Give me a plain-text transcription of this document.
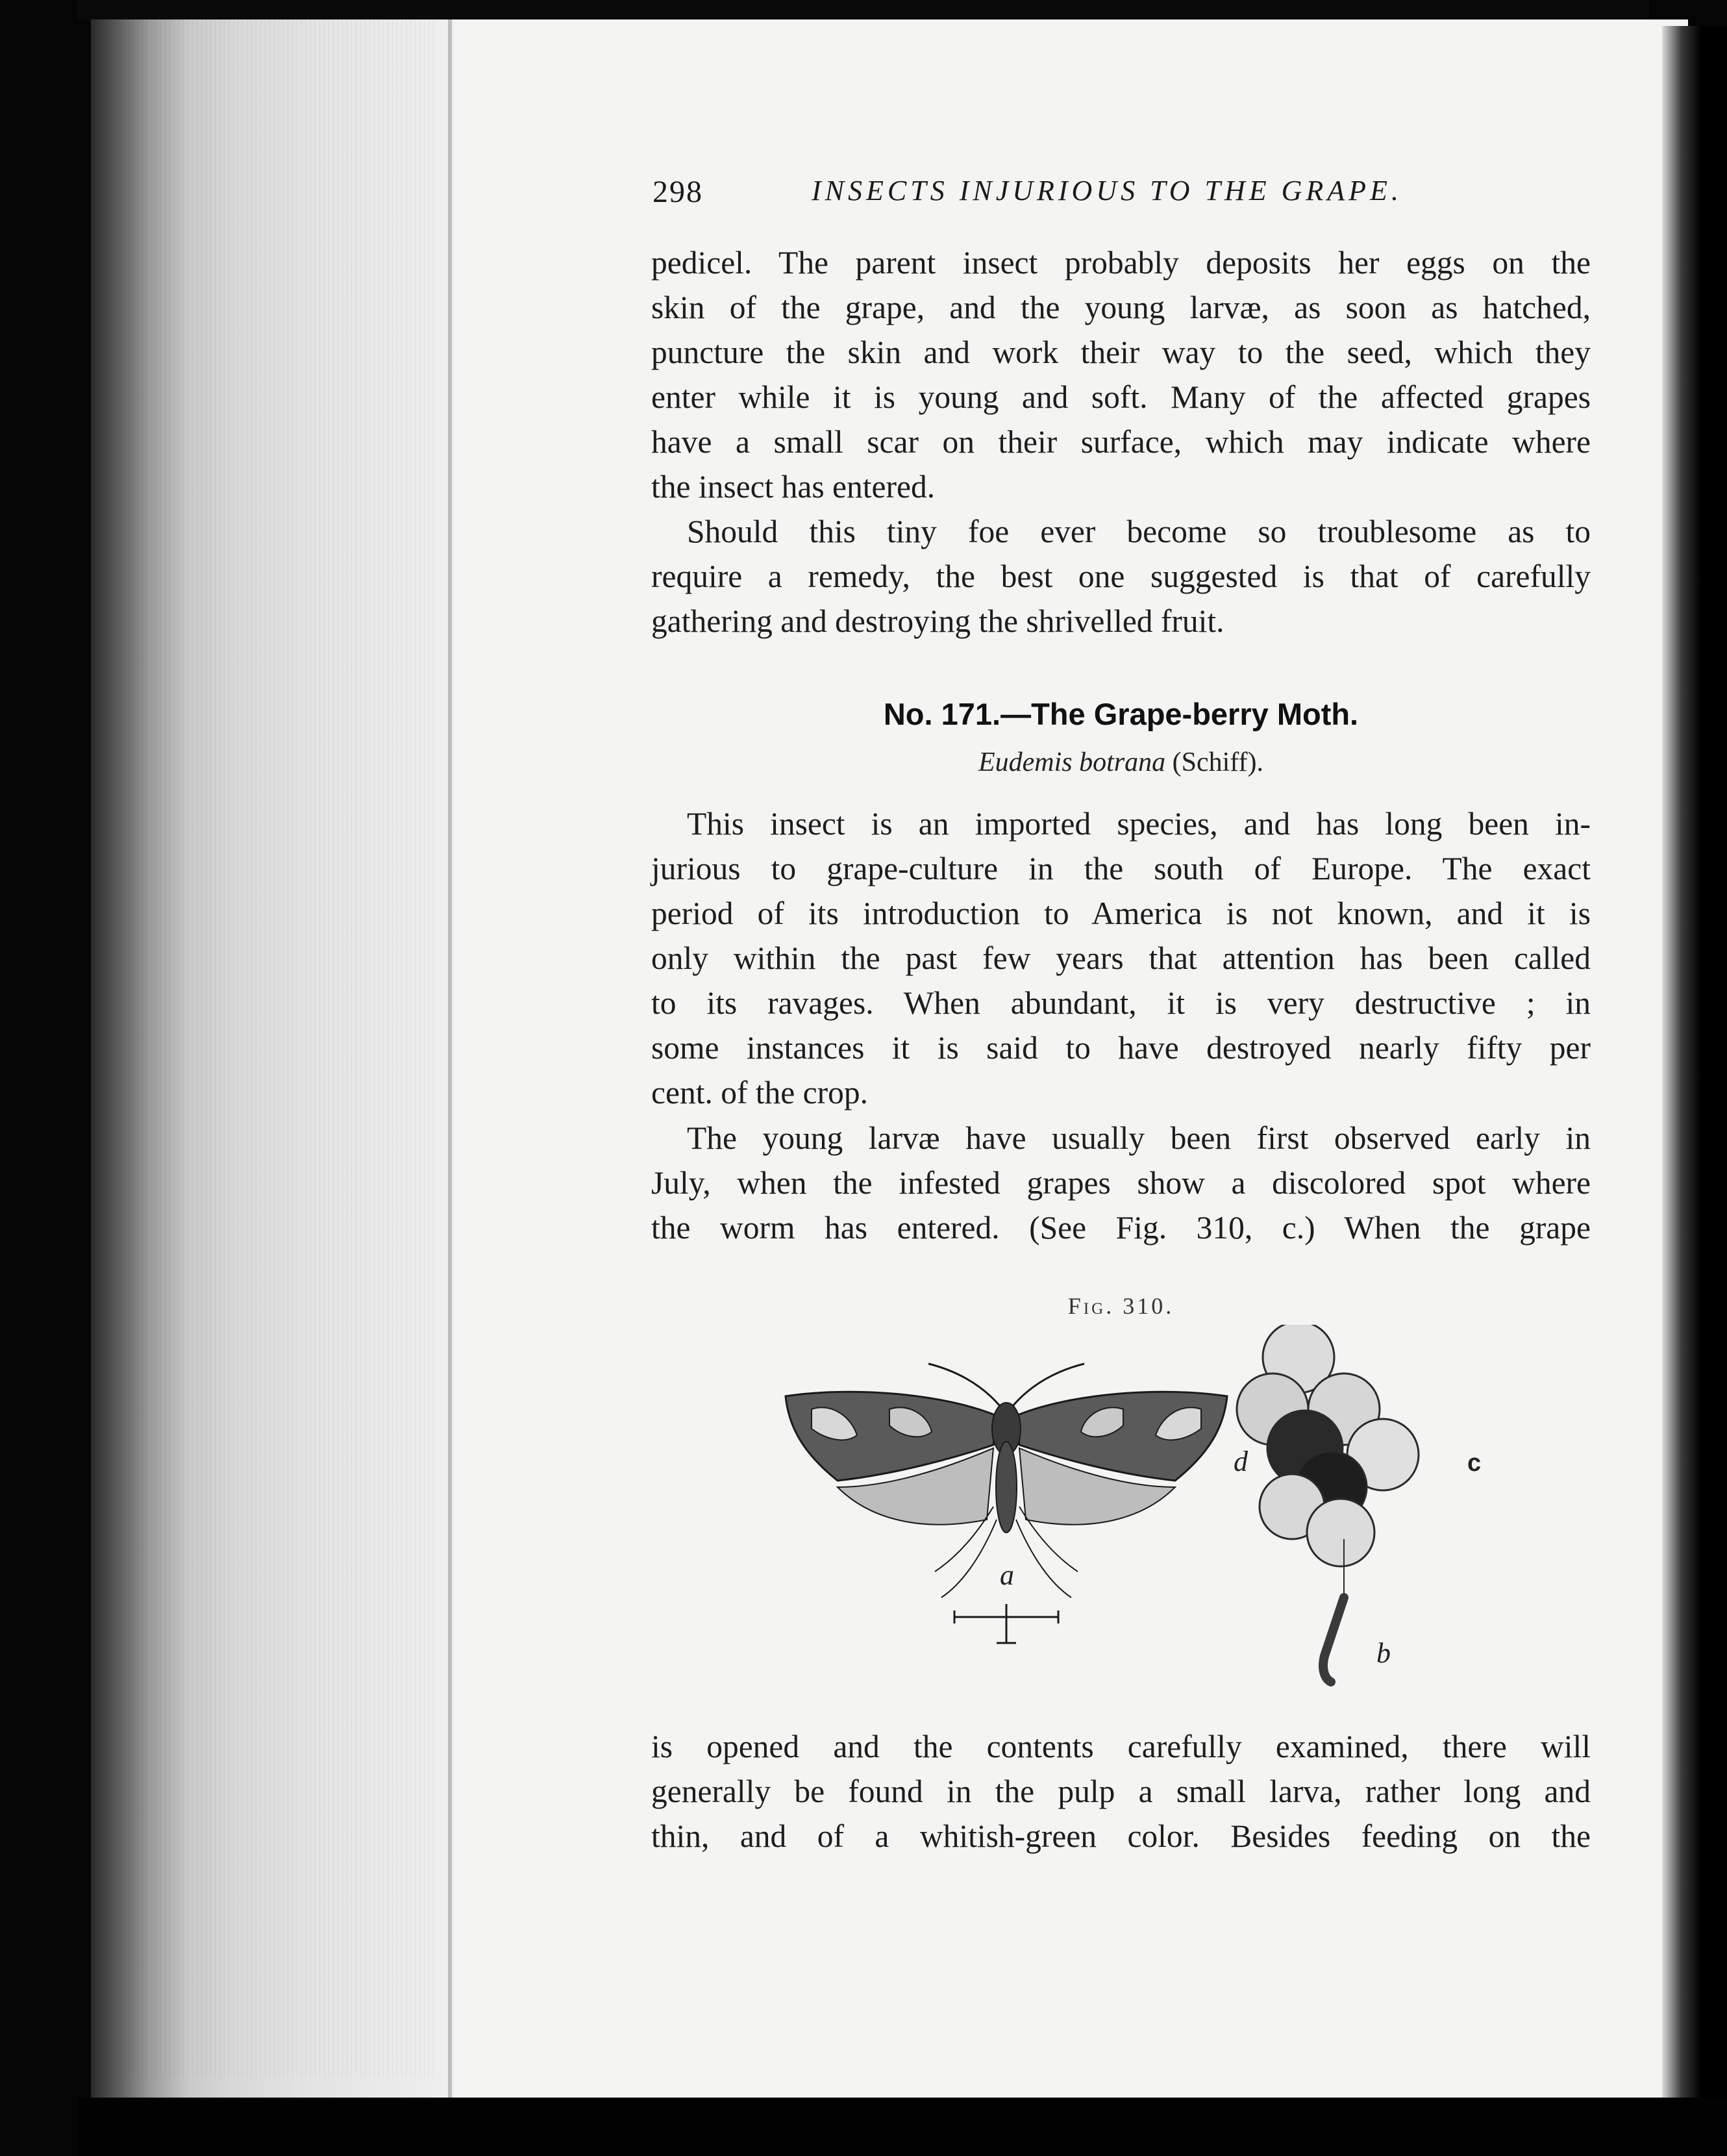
298	INSECTS INJURIOUS TO THE GRAPE.
pedicel. The parent insect probably deposits her eggs on the
skin of the grape, and the young larvæ, as soon as hatched,
puncture the skin and work their way to the seed, which they
enter while it is young and soft. Many of the affected grapes
have a small scar on their surface, which may indicate where
the insect has entered.
Should this tiny foe ever become so troublesome as to
require a remedy, the best one suggested is that of carefully
gathering and destroying the shrivelled fruit.
No. 171.—The Grape-berry Moth.
Eudemis botrana (Schiff).
This insect is an imported species, and has long been in-
jurious to grape-culture in the south of Europe. The exact
period of its introduction to America is not known, and it is
only within the past few years that attention has been called
to its ravages. When abundant, it is very destructive ; in
some instances it is said to have destroyed nearly fifty per
cent. of the crop.
The young larvæ have usually been first observed early in
July, when the infested grapes show a discolored spot where
the worm has entered. (See Fig. 310, c.) When the grape
Fig. 310.
a
b
c
d
is opened and the contents carefully examined, there will
generally be found in the pulp a small larva, rather long and
thin, and of a whitish-green color. Besides feeding on the
